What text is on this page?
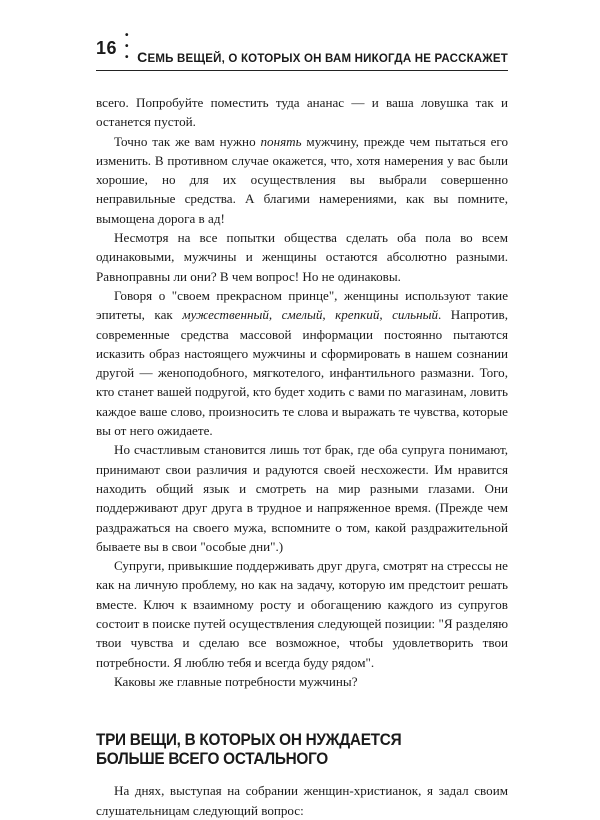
16
• • • СЕМЬ ВЕЩЕЙ, О КОТОРЫХ ОН ВАМ НИКОГДА НЕ РАССКАЖЕТ

всего. Попробуйте поместить туда ананас — и ваша ловушка так и останется пустой.

Точно так же вам нужно понять мужчину, прежде чем пытаться его изменить. В противном случае окажется, что, хотя намерения у вас были хорошие, но для их осуществления вы выбрали совершенно неправильные средства. А благими намерениями, как вы помните, вымощена дорога в ад!

Несмотря на все попытки общества сделать оба пола во всем одинаковыми, мужчины и женщины остаются абсолютно разными. Равноправны ли они? В чем вопрос! Но не одинаковы.

Говоря о "своем прекрасном принце", женщины используют такие эпитеты, как мужественный, смелый, крепкий, сильный. Напротив, современные средства массовой информации постоянно пытаются исказить образ настоящего мужчины и сформировать в нашем сознании другой — женоподобного, мягкотелого, инфантильного размазни. Того, кто станет вашей подругой, кто будет ходить с вами по магазинам, ловить каждое ваше слово, произносить те слова и выражать те чувства, которые вы от него ожидаете.

Но счастливым становится лишь тот брак, где оба супруга понимают, принимают свои различия и радуются своей несхожести. Им нравится находить общий язык и смотреть на мир разными глазами. Они поддерживают друг друга в трудное и напряженное время. (Прежде чем раздражаться на своего мужа, вспомните о том, какой раздражительной бываете вы в свои "особые дни".)

Супруги, привыкшие поддерживать друг друга, смотрят на стрессы не как на личную проблему, но как на задачу, которую им предстоит решать вместе. Ключ к взаимному росту и обогащению каждого из супругов состоит в поиске путей осуществления следующей позиции: "Я разделяю твои чувства и сделаю все возможное, чтобы удовлетворить твои потребности. Я люблю тебя и всегда буду рядом".

Каковы же главные потребности мужчины?

ТРИ ВЕЩИ, В КОТОРЫХ ОН НУЖДАЕТСЯ
БОЛЬШЕ ВСЕГО ОСТАЛЬНОГО

На днях, выступая на собрании женщин-христианок, я задал своим слушательницам следующий вопрос:
